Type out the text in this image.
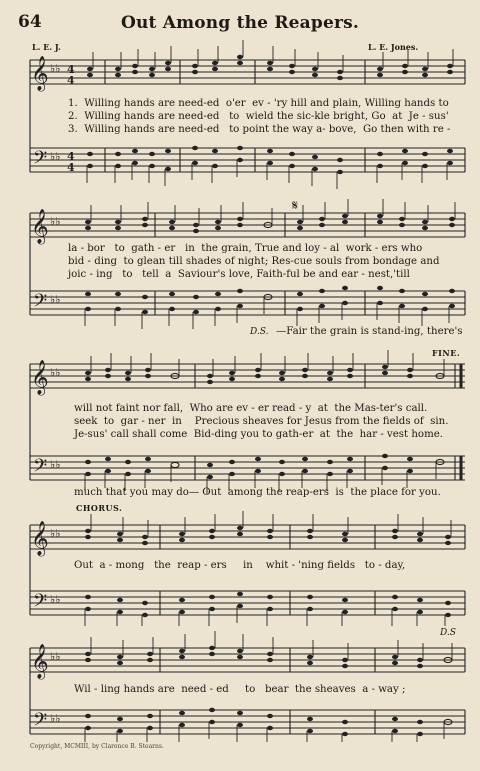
64	Out Among the Reapers.
L. E. J.	L. E. Jones.
𝄞
𝄢
♭♭
♭♭
4
4
4
4
1.  Willing hands are need-ed  o'er  ev - 'ry hill and plain, Willing hands to
2.  Willing hands are need-ed   to  wield the sic-kle bright, Go  at  Je - sus'
3.  Willing hands are need-ed   to point the way a- bove,  Go then with re -
𝄞
𝄢
♭♭
♭♭
𝄋
la - bor   to  gath - er   in  the grain, True and loy - al  work - ers who
bid - ding  to glean till shades of night; Res-cue souls from bondage and
joic - ing   to   tell  a  Saviour's love, Faith-ful be and ear - nest,'till
D.S. —Fair the grain is stand-ing, there's
𝄞
𝄢
♭♭
♭♭
FINE.
will not faint nor fall,  Who are ev - er read - y  at  the Mas-ter's call.
seek  to  gar - ner  in    Precious sheaves for Jesus from the fields of  sin.
Je-sus' call shall come  Bid-ding you to gath-er  at  the  har - vest home.
much that you may do— Out  among the reap-ers  is  the place for you.
𝄞
𝄢
♭♭
♭♭
CHORUS.
Out  a - mong   the  reap - ers     in    whit - 'ning fields   to - day,
𝄞
𝄢
♭♭
♭♭
D.S
Wil - ling hands are  need - ed     to   bear  the sheaves  a - way ;
Copyright, MCMIII, by Clarence B. Stearns.
